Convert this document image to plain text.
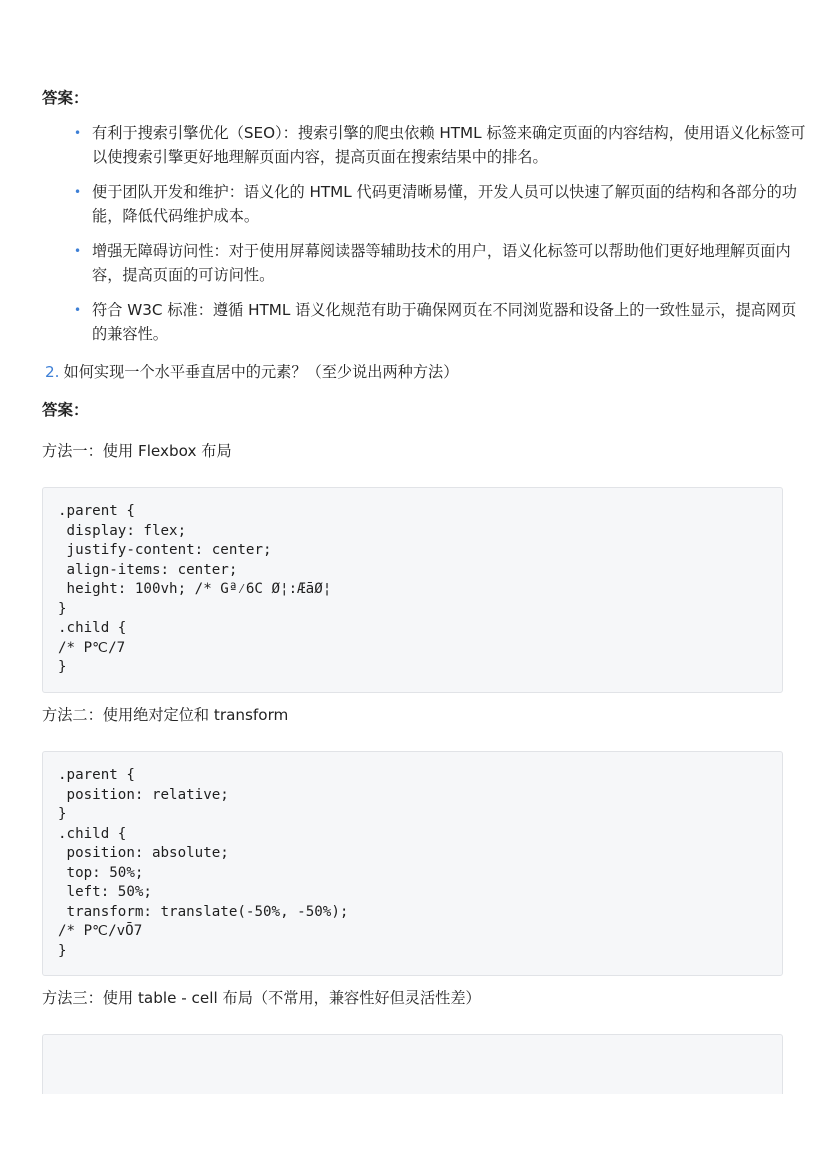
答案：
• 有利于搜索引擎优化（SEO）：搜索引擎的爬虫依赖 HTML 标签来确定页面的内容结构，使用语义化标签可以使搜索引擎更好地理解页面内容，提高页面在搜索结果中的排名。
• 便于团队开发和维护：语义化的 HTML 代码更清晰易懂，开发人员可以快速了解页面的结构和各部分的功能，降低代码维护成本。
• 增强无障碍访问性：对于使用屏幕阅读器等辅助技术的用户，语义化标签可以帮助他们更好地理解页面内容，提高页面的可访问性。
• 符合 W3C 标准：遵循 HTML 语义化规范有助于确保网页在不同浏览器和设备上的一致性显示，提高网页的兼容性。
2. 如何实现一个水平垂直居中的元素？（至少说出两种方法）
答案：
方法一：使用 Flexbox 布局
.parent {
display: flex;
justify-content: center;
align-items: center;
height: 100vh; /* Gª⁄6C Ø¦:ÆāØ¦
}
.child {
/* P℃/7
}
方法二：使用绝对定位和 transform
.parent {
position: relative;
}
.child {
position: absolute;
top: 50%;
left: 50%;
transform: translate(-50%, -50%);
/* P℃/vŌ7
}
方法三：使用 table - cell 布局（不常用，兼容性好但灵活性差）
